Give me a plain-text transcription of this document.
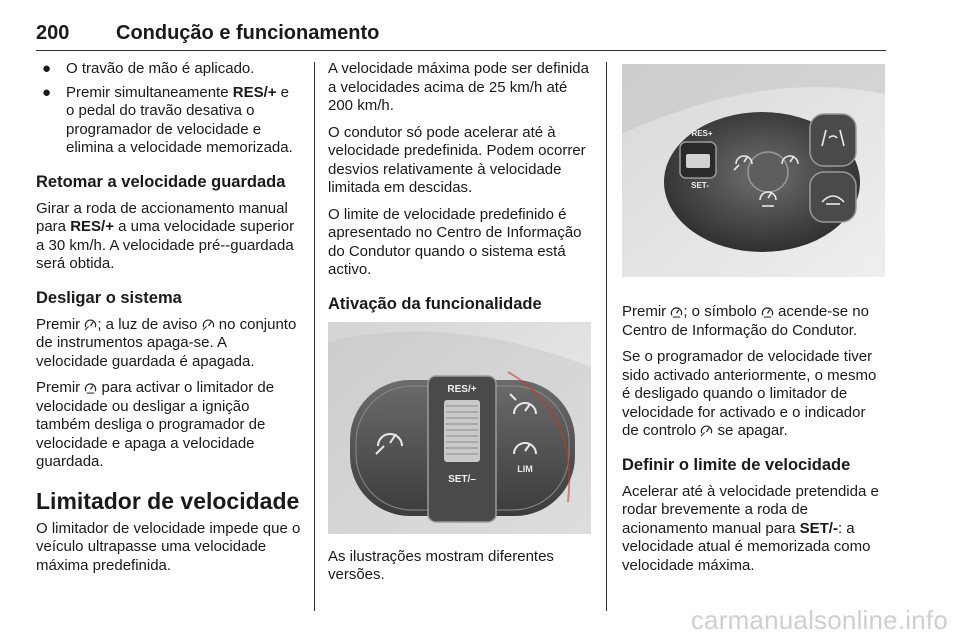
200 Condução e funcionamento
● O travão de mão é aplicado.
● Premir simultaneamente RES/+ e o pedal do travão desativa o programador de velocidade e elimina a velocidade memorizada.
Retomar a velocidade guardada

Girar a roda de accionamento manual para RES/+ a uma velocidade superior a 30 km/h. A velocidade pré--guardada será obtida.

Desligar o sistema

Premir ; a luz de aviso  no conjunto de instrumentos apaga-se. A velocidade guardada é apagada.

Premir  para activar o limitador de velocidade ou desligar a ignição também desliga o programador de velocidade e apaga a velocidade guardada.

Limitador de velocidade

O limitador de velocidade impede que o veículo ultrapasse uma velocidade máxima predefinida.

A velocidade máxima pode ser definida a velocidades acima de 25 km/h até 200 km/h.

O condutor só pode acelerar até à velocidade predefinida. Podem ocorrer desvios relativamente à velocidade limitada em descidas.

O limite de velocidade predefinido é apresentado no Centro de Informação do Condutor quando o sistema está activo.

Ativação da funcionalidade
RES/+
SET/–
LIM

As ilustrações mostram diferentes versões.

RES+
SET-

Premir ; o símbolo  acende-se no Centro de Informação do Condutor.

Se o programador de velocidade tiver sido activado anteriormente, o mesmo é desligado quando o limitador de velocidade for activado e o indicador de controlo  se apagar.

Definir o limite de velocidade

Acelerar até à velocidade pretendida e rodar brevemente a roda de acionamento manual para SET/-: a velocidade atual é memorizada como velocidade máxima.

carmanualsonline.info
